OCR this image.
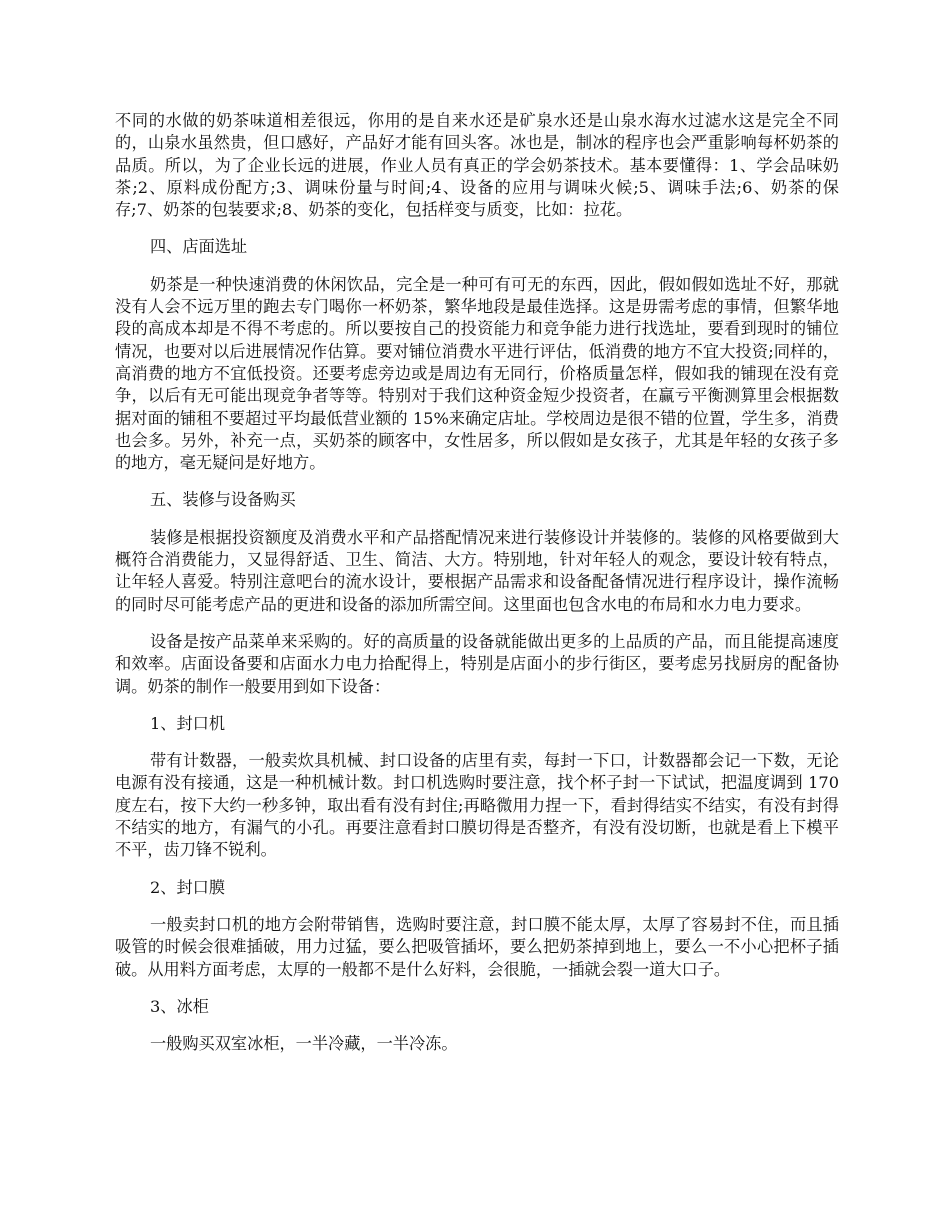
不同的水做的奶茶味道相差很远，你用的是自来水还是矿泉水还是山泉水海水过滤水这是完全不同的，山泉水虽然贵，但口感好，产品好才能有回头客。冰也是，制冰的程序也会严重影响每杯奶茶的品质。所以，为了企业长远的进展，作业人员有真正的学会奶茶技术。基本要懂得：1、学会品味奶茶;2、原料成份配方;3、调味份量与时间;4、设备的应用与调味火候;5、调味手法;6、奶茶的保存;7、奶茶的包装要求;8、奶茶的变化，包括样变与质变，比如：拉花。

四、店面选址

奶茶是一种快速消费的休闲饮品，完全是一种可有可无的东西，因此，假如假如选址不好，那就没有人会不远万里的跑去专门喝你一杯奶茶，繁华地段是最佳选择。这是毋需考虑的事情，但繁华地段的高成本却是不得不考虑的。所以要按自己的投资能力和竞争能力进行找选址，要看到现时的铺位情况，也要对以后进展情况作估算。要对铺位消费水平进行评估，低消费的地方不宜大投资;同样的，高消费的地方不宜低投资。还要考虑旁边或是周边有无同行，价格质量怎样，假如我的铺现在没有竞争，以后有无可能出现竞争者等等。特别对于我们这种资金短少投资者，在赢亏平衡测算里会根据数据对面的铺租不要超过平均最低营业额的 15%来确定店址。学校周边是很不错的位置，学生多，消费也会多。另外，补充一点，买奶茶的顾客中，女性居多，所以假如是女孩子，尤其是年轻的女孩子多的地方，毫无疑问是好地方。

五、装修与设备购买

装修是根据投资额度及消费水平和产品搭配情况来进行装修设计并装修的。装修的风格要做到大概符合消费能力，又显得舒适、卫生、简洁、大方。特别地，针对年轻人的观念，要设计较有特点，让年轻人喜爱。特别注意吧台的流水设计，要根据产品需求和设备配备情况进行程序设计，操作流畅的同时尽可能考虑产品的更进和设备的添加所需空间。这里面也包含水电的布局和水力电力要求。

设备是按产品菜单来采购的。好的高质量的设备就能做出更多的上品质的产品，而且能提高速度和效率。店面设备要和店面水力电力拾配得上，特别是店面小的步行街区，要考虑另找厨房的配备协调。奶茶的制作一般要用到如下设备：

1、封口机

带有计数器，一般卖炊具机械、封口设备的店里有卖，每封一下口，计数器都会记一下数，无论电源有没有接通，这是一种机械计数。封口机选购时要注意，找个杯子封一下试试，把温度调到 170 度左右，按下大约一秒多钟，取出看有没有封住;再略微用力捏一下，看封得结实不结实，有没有封得不结实的地方，有漏气的小孔。再要注意看封口膜切得是否整齐，有没有没切断，也就是看上下模平不平，齿刀锋不锐利。

2、封口膜

一般卖封口机的地方会附带销售，选购时要注意，封口膜不能太厚，太厚了容易封不住，而且插吸管的时候会很难插破，用力过猛，要么把吸管插坏，要么把奶茶掉到地上，要么一不小心把杯子插破。从用料方面考虑，太厚的一般都不是什么好料，会很脆，一插就会裂一道大口子。

3、冰柜

一般购买双室冰柜，一半冷藏，一半冷冻。
